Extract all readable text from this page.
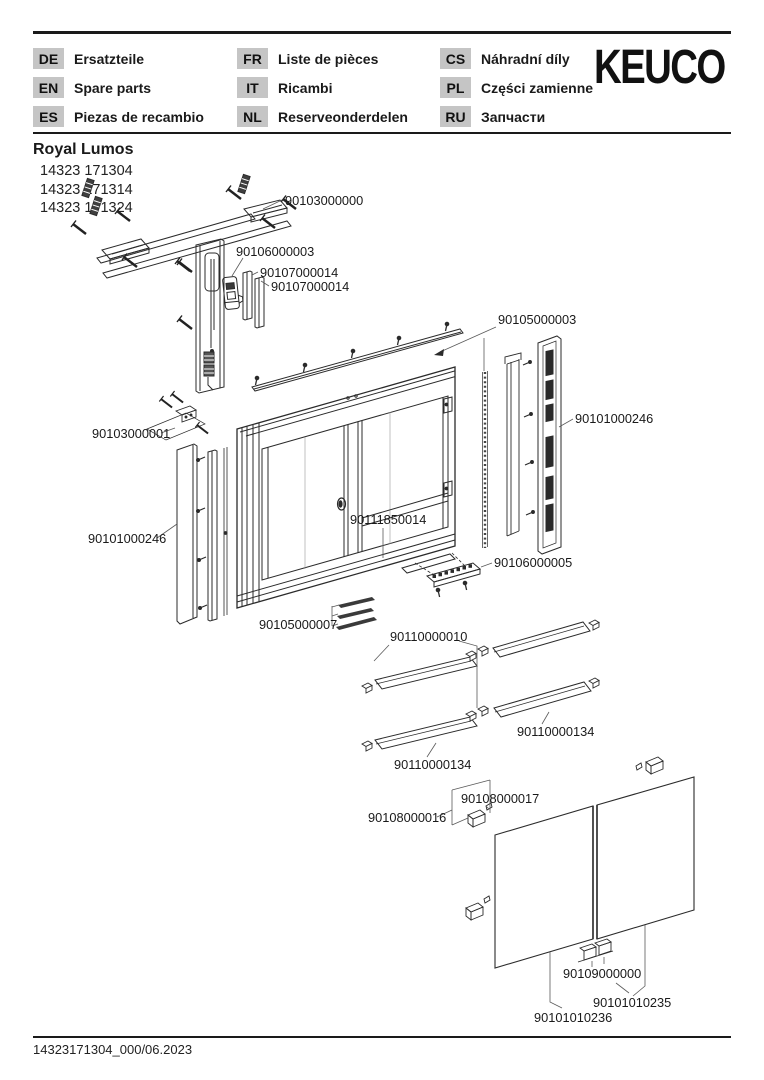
DE	Ersatzteile
EN	Spare parts
ES	Piezas de recambio
FR	Liste de pièces
IT	Ricambi
NL	Reserveonderdelen
CS	Náhradní díly
PL	Części zamienne
RU	Запчасти
KEUCO
Royal Lumos
14323 171304
14323 171314
14323 171324	90103000000
90106000003
90107000014
90107000014
90105000003
90101000246
90103000001
90101000246
90111850014
90106000005
90105000007
90110000010
90110000134
90110000134
90108000017
90108000016
90109000000
90101010235
90101010236
14323171304_000/06.2023
